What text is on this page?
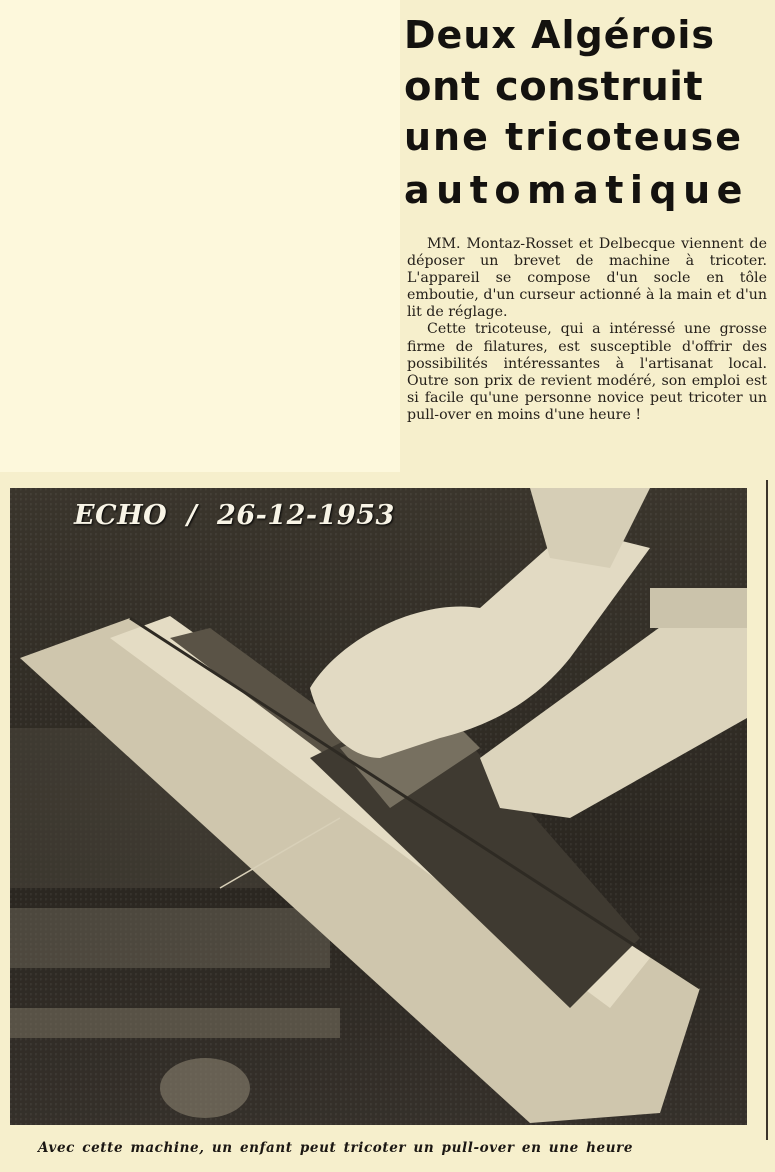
Deux Algérois
ont construit
une tricoteuse
automatique

MM. Montaz-Rosset et Delbecque viennent de déposer un brevet de machine à tricoter. L'appareil se compose d'un socle en tôle emboutie, d'un curseur actionné à la main et d'un lit de réglage.

Cette tricoteuse, qui a intéressé une grosse firme de filatures, est susceptible d'offrir des possibilités intéressantes à l'artisanat local. Outre son prix de revient modéré, son emploi est si facile qu'une personne novice peut tricoter un pull-over en moins d'une heure !

ECHO  /  26-12-1953
Avec cette machine, un enfant peut tricoter un pull-over en une heure
